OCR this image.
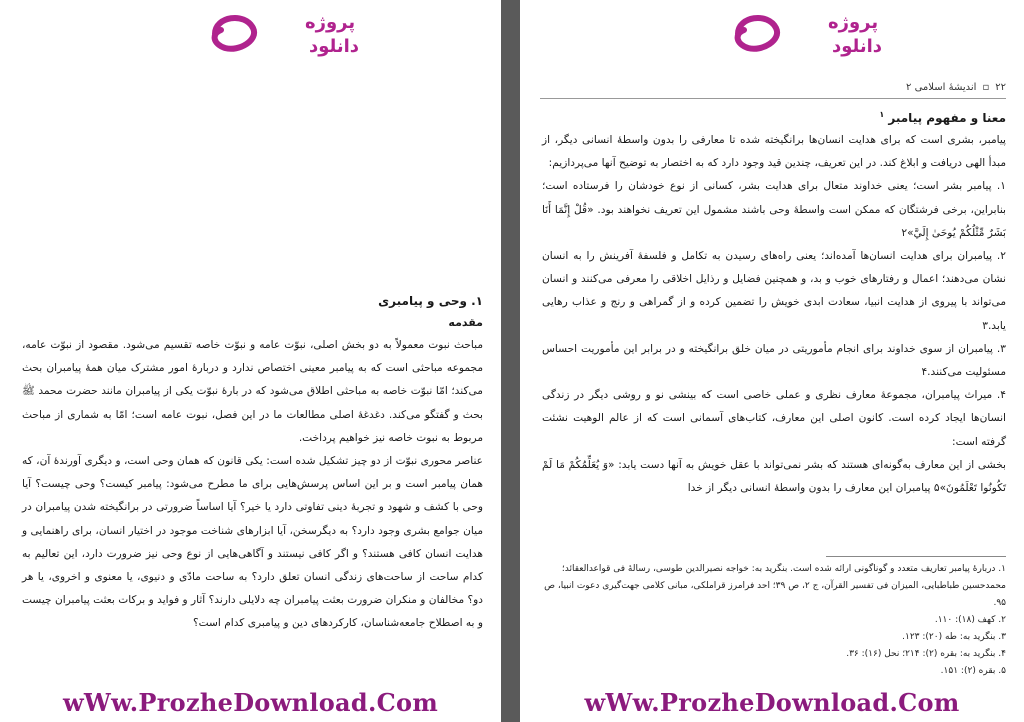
پروژه
دانلود
۱. وحی و پیامبری
مقدمه

مباحث نبوت معمولاً به دو بخش اصلی، نبوّت عامه و نبوّت خاصه تقسیم می‌شود. مقصود از نبوّت عامه، مجموعه مباحثی است که به پیامبر معینی اختصاص ندارد و دربارهٔ امور مشترک میان همهٔ پیامبران بحث می‌کند؛ امّا نبوّت خاصه به مباحثی اطلاق می‌شود که در بارهٔ نبوّت یکی از پیامبران مانند حضرت محمد ﷺ بحث و گفتگو می‌کند. دغدغهٔ اصلی مطالعات ما در این فصل، نبوت عامه است؛ امّا به شماری از مباحث مربوط به نبوت خاصه نیز خواهیم پرداخت.

عناصر محوری نبوّت از دو چیز تشکیل شده است: یکی قانون که همان وحی است، و دیگری آورندهٔ آن، که همان پیامبر است و بر این اساس پرسش‌هایی برای ما مطرح می‌شود: پیامبر کیست؟ وحی چیست؟ آیا وحی با کشف و شهود و تجربهٔ دینی تفاوتی دارد یا خیر؟ آیا اساساً ضرورتی در برانگیخته شدن پیامبران در میان جوامع بشری وجود دارد؟ به دیگرسخن، آیا ابزارهای شناخت موجود در اختیار انسان، برای راهنمایی و هدایت انسان کافی هستند؟ و اگر کافی نیستند و آگاهی‌هایی از نوع وحی نیز ضرورت دارد، این تعالیم به کدام ساحت از ساحت‌های زندگی انسان تعلق دارد؟ به ساحت مادّی و دنیوی، یا معنوی و اخروی، یا هر دو؟ مخالفان و منکران ضرورت بعثت پیامبران چه دلایلی دارند؟ آثار و فواید و برکات بعثت پیامبران چیست و به اصطلاح جامعه‌شناسان، کارکردهای دین و پیامبری کدام است؟

wWw.ProzheDownload.Com
پروژه
دانلود
۲۲
▫
اندیشهٔ اسلامی ۲
معنا و مفهوم پیامبر $^۱$

پیامبر، بشری است که برای هدایت انسان‌ها برانگیخته شده تا معارفی را بدون واسطهٔ انسانی دیگر، از مبدأ الهی دریافت و ابلاغ کند. در این تعریف، چندین قید وجود دارد که به اختصار به توضیح آنها می‌پردازیم:

۱. پیامبر بشر است؛ یعنی خداوند متعال برای هدایت بشر، کسانی از نوع خودشان را فرستاده است؛ بنابراین، برخی فرشتگان که ممکن است واسطهٔ وحی باشند مشمول این تعریف نخواهند بود. «قُلْ إِنَّمَا أَنَا بَشَرٌ مِّثْلُكُمْ يُوحَىٰ إِلَيَّ»۲

۲. پیامبران برای هدایت انسان‌ها آمده‌اند؛ یعنی راه‌های رسیدن به تکامل و فلسفهٔ آفرینش را به انسان نشان می‌دهند؛ اعمال و رفتارهای خوب و بد، و همچنین فضایل و رذایل اخلاقی را معرفی می‌کنند و انسان می‌تواند با پیروی از هدایت انبیا، سعادت ابدی خویش را تضمین کرده و از گمراهی و رنج و عذاب رهایی یابد.۳

۳. پیامبران از سوی خداوند برای انجام مأموریتی در میان خلق برانگیخته و در برابر این مأموریت احساس مسئولیت می‌کنند.۴

۴. میراث پیامبران، مجموعهٔ معارف نظری و عملی خاصی است که بینشی نو و روشی دیگر در زندگی انسان‌ها ایجاد کرده است. کانون اصلی این معارف، کتاب‌های آسمانی است که از عالم الوهیت نشئت گرفته است:

بخشی از این معارف به‌گونه‌ای هستند که بشر نمی‌تواند با عقل خویش به آنها دست یابد: «وَ يُعَلِّمُكُمْ مَا لَمْ تَكُونُوا تَعْلَمُونَ»۵ پیامبران این معارف را بدون واسطهٔ انسانی دیگر از خدا

۱. دربارهٔ پیامبر تعاریف متعدد و گوناگونی ارائه شده است. بنگرید به: خواجه نصیرالدین طوسی، رسالهٔ فی قواعدالعقائد؛ محمدحسین طباطبایی، المیزان فی تفسیر القرآن، ج ۲، ص ۳۹؛ احد فرامرز قراملکی، مبانی کلامی جهت‌گیری دعوت انبیا، ص ۹۵.

۲. کهف (۱۸): ۱۱۰.

۳. بنگرید به: طه (۲۰): ۱۲۳.

۴. بنگرید به: بقره (۲): ۲۱۴؛ نحل (۱۶): ۳۶.

۵. بقره (۲): ۱۵۱.

wWw.ProzheDownload.Com
